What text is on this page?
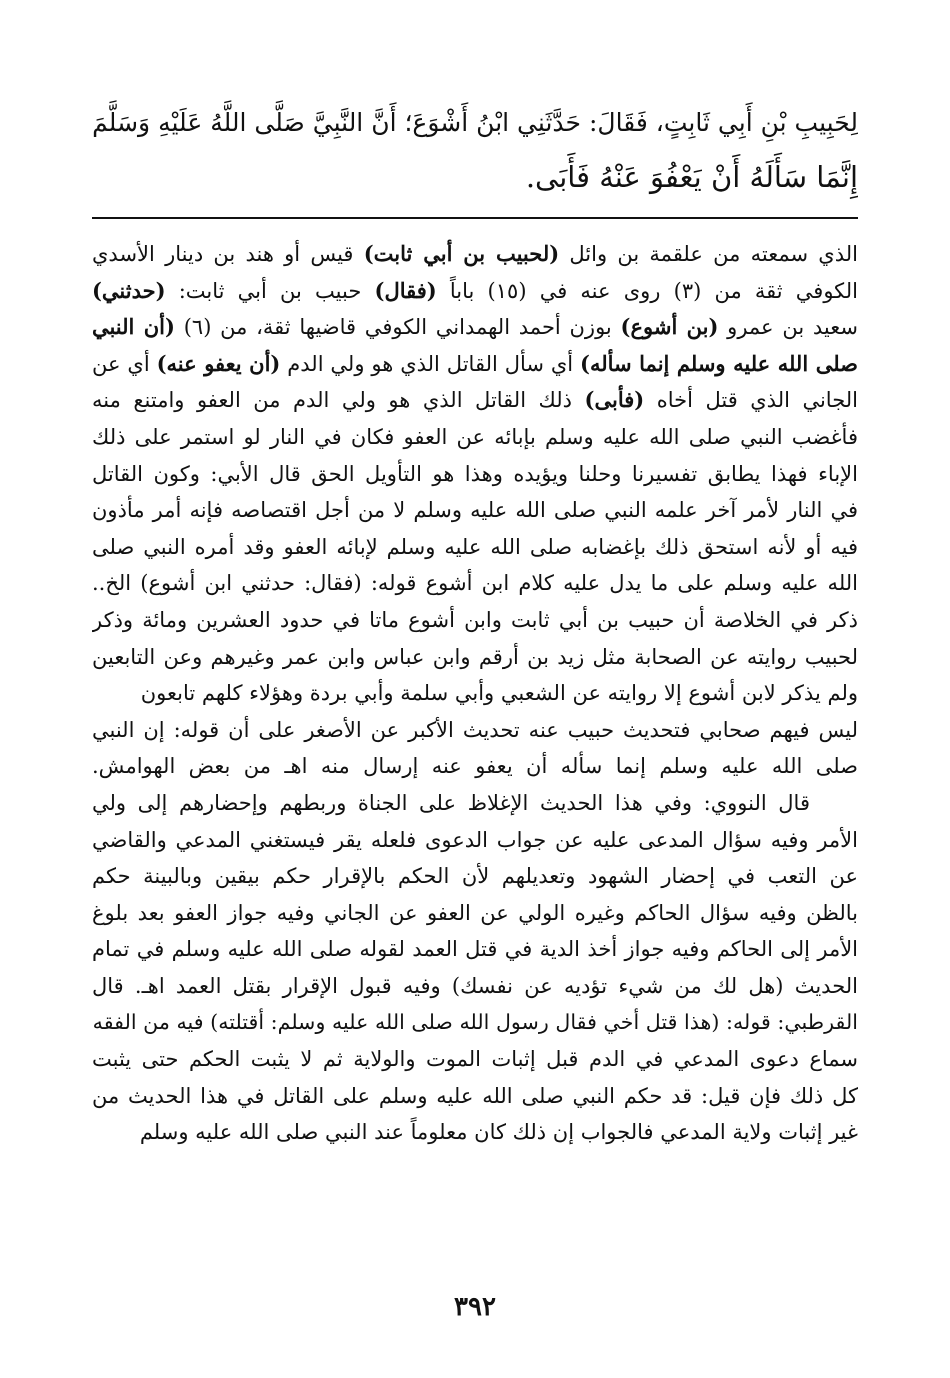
لِحَبِيبِ بْنِ أَبِي ثَابِتٍ، فَقَالَ: حَدَّثَنِي ابْنُ أَشْوَعَ؛ أَنَّ النَّبِيَّ صَلَّى اللَّهُ عَلَيْهِ وَسَلَّمَ
إِنَّمَا سَأَلَهُ أَنْ يَعْفُوَ عَنْهُ فَأَبَى.
الذي سمعته من علقمة بن وائل (لحبيب بن أبي ثابت) قيس أو هند بن دينار الأسدي
الكوفي ثقة من (٣) روى عنه في (١٥) باباً (فقال) حبيب بن أبي ثابت: (حدثني)
سعيد بن عمرو (بن أشوع) بوزن أحمد الهمداني الكوفي قاضيها ثقة، من (٦) (أن النبي
صلى الله عليه وسلم إنما سأله) أي سأل القاتل الذي هو ولي الدم (أن يعفو عنه) أي عن
الجاني الذي قتل أخاه (فأبى) ذلك القاتل الذي هو ولي الدم من العفو وامتنع منه
فأغضب النبي صلى الله عليه وسلم بإبائه عن العفو فكان في النار لو استمر على ذلك
الإباء فهذا يطابق تفسيرنا وحلنا ويؤيده وهذا هو التأويل الحق قال الأبي: وكون القاتل
في النار لأمر آخر علمه النبي صلى الله عليه وسلم لا من أجل اقتصاصه فإنه أمر مأذون
فيه أو لأنه استحق ذلك بإغضابه صلى الله عليه وسلم لإبائه العفو وقد أمره النبي صلى
الله عليه وسلم على ما يدل عليه كلام ابن أشوع قوله: (فقال: حدثني ابن أشوع) الخ..
ذكر في الخلاصة أن حبيب بن أبي ثابت وابن أشوع ماتا في حدود العشرين ومائة وذكر
لحبيب روايته عن الصحابة مثل زيد بن أرقم وابن عباس وابن عمر وغيرهم وعن التابعين
ولم يذكر لابن أشوع إلا روايته عن الشعبي وأبي سلمة وأبي بردة وهؤلاء كلهم تابعون
ليس فيهم صحابي فتحديث حبيب عنه تحديث الأكبر عن الأصغر على أن قوله: إن النبي
صلى الله عليه وسلم إنما سأله أن يعفو عنه إرسال منه اهـ من بعض الهوامش.
قال النووي: وفي هذا الحديث الإغلاظ على الجناة وربطهم وإحضارهم إلى ولي
الأمر وفيه سؤال المدعى عليه عن جواب الدعوى فلعله يقر فيستغني المدعي والقاضي
عن التعب في إحضار الشهود وتعديلهم لأن الحكم بالإقرار حكم بيقين وبالبينة حكم
بالظن وفيه سؤال الحاكم وغيره الولي عن العفو عن الجاني وفيه جواز العفو بعد بلوغ
الأمر إلى الحاكم وفيه جواز أخذ الدية في قتل العمد لقوله صلى الله عليه وسلم في تمام
الحديث (هل لك من شيء تؤديه عن نفسك) وفيه قبول الإقرار بقتل العمد اهـ. قال
القرطبي: قوله: (هذا قتل أخي فقال رسول الله صلى الله عليه وسلم: أقتلته) فيه من الفقه
سماع دعوى المدعي في الدم قبل إثبات الموت والولاية ثم لا يثبت الحكم حتى يثبت
كل ذلك فإن قيل: قد حكم النبي صلى الله عليه وسلم على القاتل في هذا الحديث من
غير إثبات ولاية المدعي فالجواب إن ذلك كان معلوماً عند النبي صلى الله عليه وسلم
٣٩٢
